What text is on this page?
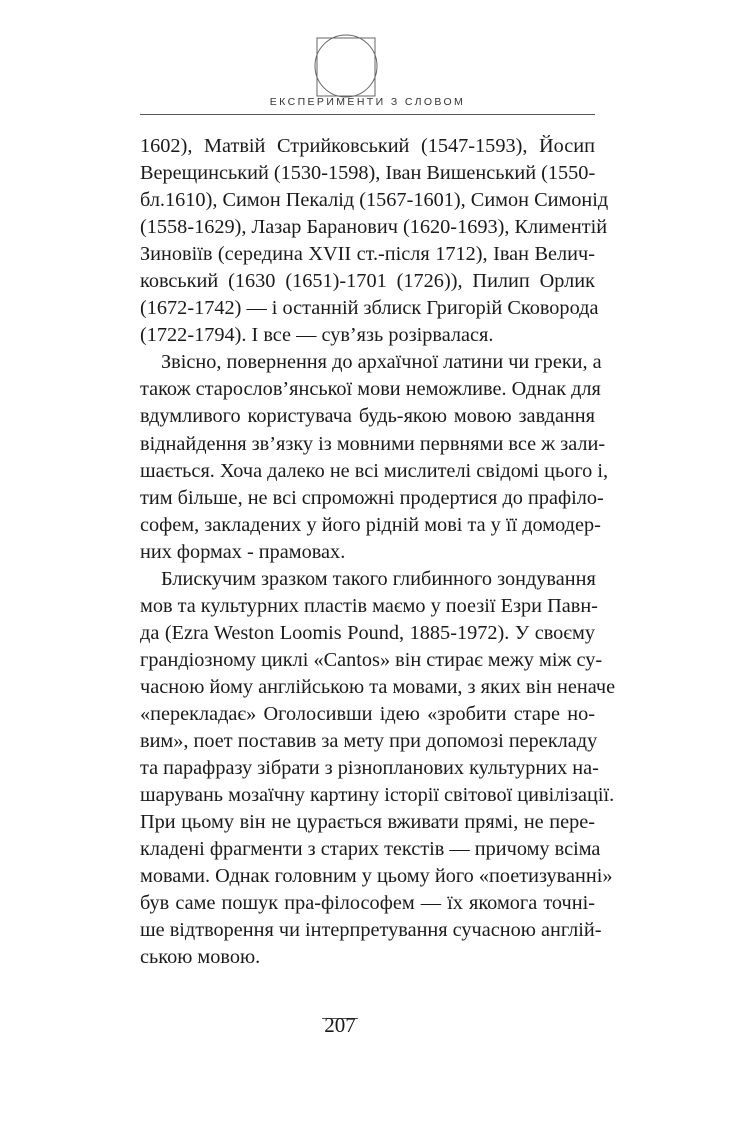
ЕКСПЕРИМЕНТИ З СЛОВОМ

1602), Матвій Стрийковський (1547-1593), Йосип
Верещинський (1530-1598), Іван Вишенський (1550-
бл.1610), Симон Пекалід (1567-1601), Симон Симонід
(1558-1629), Лазар Баранович (1620-1693), Климентій
Зиновіїв (середина XVII ст.-після 1712), Іван Велич-
ковський (1630 (1651)-1701 (1726)), Пилип Орлик
(1672-1742) — і останній зблиск Григорій Сковорода
(1722-1794). І все — сув’язь розірвалася.

Звісно, повернення до архаїчної латини чи греки, а
також старослов’янської мови неможливе. Однак для
вдумливого користувача будь-якою мовою завдання
віднайдення зв’язку із мовними первнями все ж зали-
шається. Хоча далеко не всі мислителі свідомі цього і,
тим більше, не всі спроможні продертися до прафіло-
софем, закладених у його рідній мові та у її домодер-
них формах - прамовах.

Блискучим зразком такого глибинного зондування
мов та культурних пластів маємо у поезії Езри Павн-
да (Ezra Weston Loomis Pound, 1885-1972). У своєму
грандіозному циклі «Cantos» він стирає межу між су-
часною йому англійською та мовами, з яких він неначе
«перекладає» Оголосивши ідею «зробити старе но-
вим», поет поставив за мету при допомозі перекладу
та парафразу зібрати з різнопланових культурних на-
шарувань мозаїчну картину історії світової цивілізації.
При цьому він не цурається вживати прямі, не пере-
кладені фрагменти з старих текстів — причому всіма
мовами. Однак головним у цьому його «поетизуванні»
був саме пошук пра-філософем — їх якомога точні-
ше відтворення чи інтерпретування сучасною англій-
ською мовою.

207
